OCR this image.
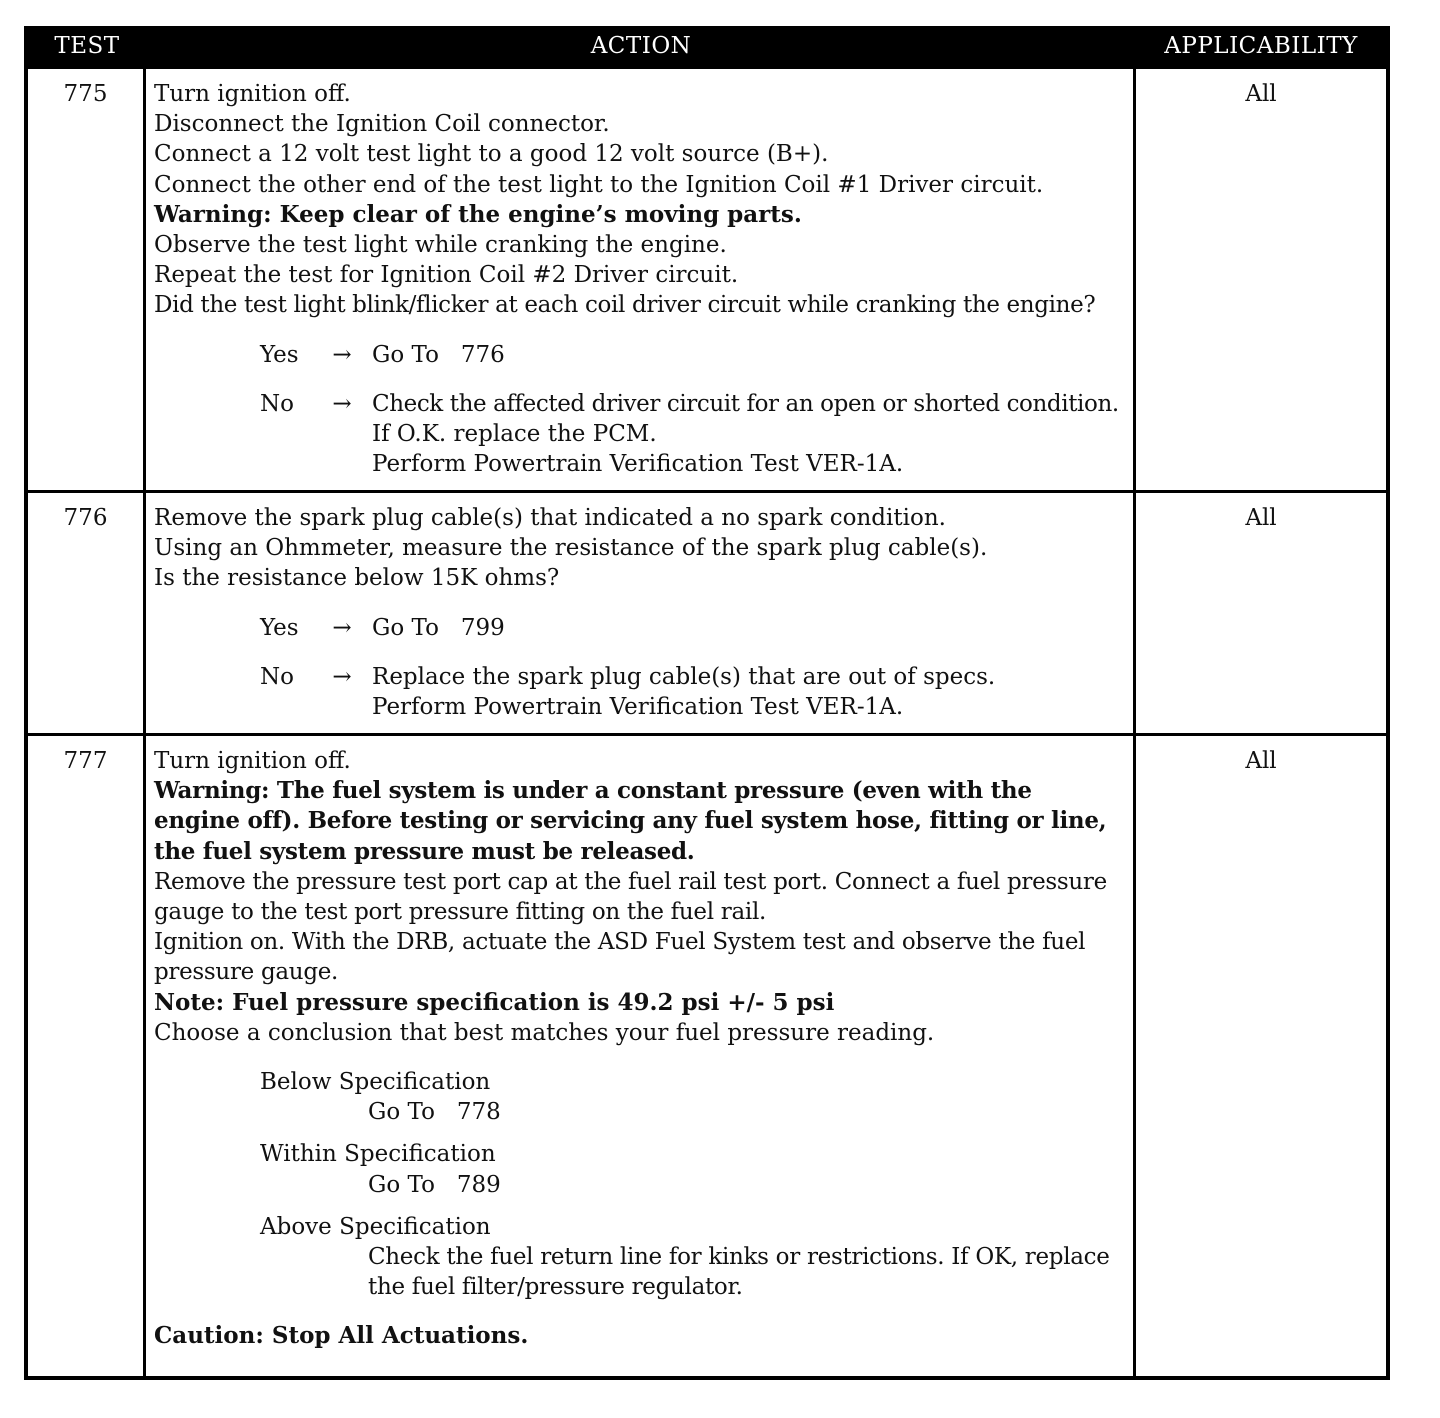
TEST	ACTION	APPLICABILITY
775	Turn ignition off.
Disconnect the Ignition Coil connector.
Connect a 12 volt test light to a good 12 volt source (B+).
Connect the other end of the test light to the Ignition Coil #1 Driver circuit.
Warning: Keep clear of the engine’s moving parts.
Observe the test light while cranking the engine.
Repeat the test for Ignition Coil #2 Driver circuit.
Did the test light blink/flicker at each coil driver circuit while cranking the engine?
Yes	→ Go To   776
No	→ Check the affected driver circuit for an open or shorted condition.
If O.K. replace the PCM.
Perform Powertrain Verification Test VER-1A.
All
776	Remove the spark plug cable(s) that indicated a no spark condition.
Using an Ohmmeter, measure the resistance of the spark plug cable(s).
Is the resistance below 15K ohms?
Yes	→ Go To   799
No	→ Replace the spark plug cable(s) that are out of specs.
Perform Powertrain Verification Test VER-1A.
All
777	Turn ignition off.
Warning: The fuel system is under a constant pressure (even with the engine off). Before testing or servicing any fuel system hose, fitting or line, the fuel system pressure must be released.
Remove the pressure test port cap at the fuel rail test port. Connect a fuel pressure gauge to the test port pressure fitting on the fuel rail.
Ignition on. With the DRB, actuate the ASD Fuel System test and observe the fuel pressure gauge.
Note: Fuel pressure specification is 49.2 psi +/- 5 psi
Choose a conclusion that best matches your fuel pressure reading.
Below Specification
Go To   778
Within Specification
Go To   789
Above Specification
Check the fuel return line for kinks or restrictions. If OK, replace the fuel filter/pressure regulator.
Caution: Stop All Actuations.
All
